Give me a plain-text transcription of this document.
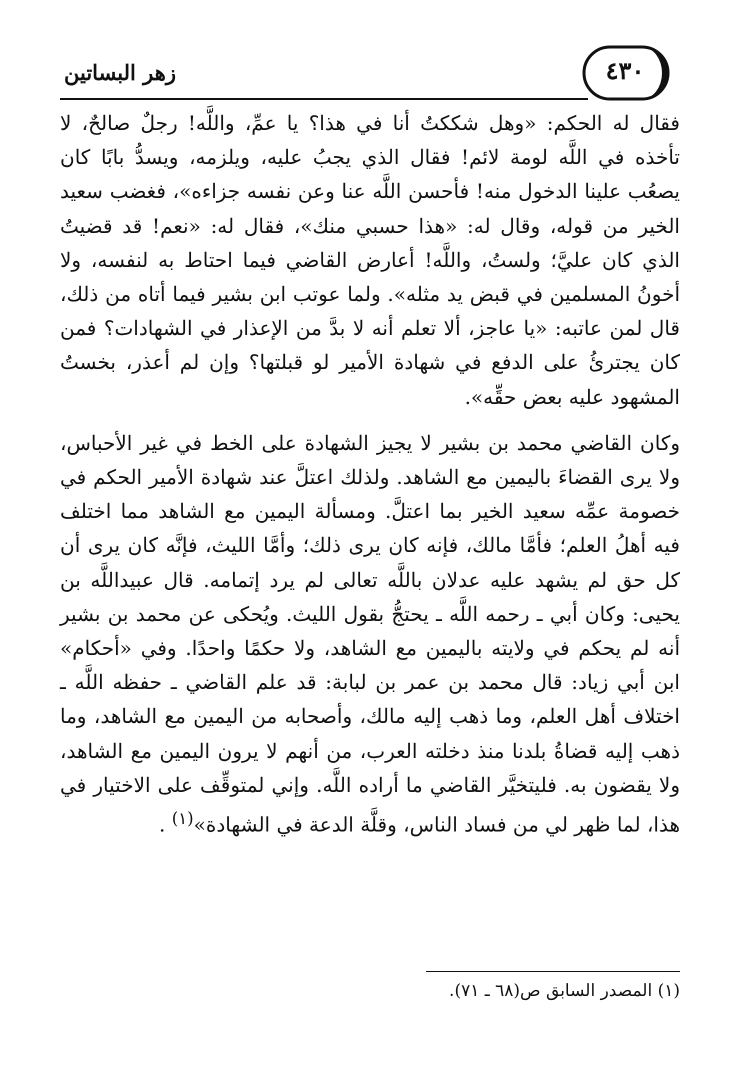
زهر البساتين	٤٣٠

فقال له الحكم: «وهل شككتُ أنا في هذا؟ يا عمِّ، واللَّه! رجلٌ صالحٌ، لا تأخذه في اللَّه لومة لائم! فقال الذي يجبُ عليه، ويلزمه، ويسدُّ بابًا كان يصعُب علينا الدخول منه! فأحسن اللَّه عنا وعن نفسه جزاءه»، فغضب سعيد الخير من قوله، وقال له: «هذا حسبي منك»، فقال له: «نعم! قد قضيتُ الذي كان عليَّ؛ ولستُ، واللَّه! أعارض القاضي فيما احتاط به لنفسه، ولا أخونُ المسلمين في قبض يد مثله». ولما عوتب ابن بشير فيما أتاه من ذلك، قال لمن عاتبه: «يا عاجز، ألا تعلم أنه لا بدَّ من الإعذار في الشهادات؟ فمن كان يجترئُ على الدفع في شهادة الأمير لو قبلتها؟ وإن لم أعذر، بخستُ المشهود عليه بعض حقِّه».

وكان القاضي محمد بن بشير لا يجيز الشهادة على الخط في غير الأحباس، ولا يرى القضاءَ باليمين مع الشاهد. ولذلك اعتلَّ عند شهادة الأمير الحكم في خصومة عمِّه سعيد الخير بما اعتلَّ. ومسألة اليمين مع الشاهد مما اختلف فيه أهلُ العلم؛ فأمَّا مالك، فإنه كان يرى ذلك؛ وأمَّا الليث، فإنَّه كان يرى أن كل حق لم يشهد عليه عدلان باللَّه تعالى لم يرد إتمامه. قال عبيداللَّه بن يحيى: وكان أبي ـ رحمه اللَّه ـ يحتجُّ بقول الليث. ويُحكى عن محمد بن بشير أنه لم يحكم في ولايته باليمين مع الشاهد، ولا حكمًا واحدًا. وفي «أحكام» ابن أبي زياد: قال محمد بن عمر بن لبابة: قد علم القاضي ـ حفظه اللَّه ـ اختلاف أهل العلم، وما ذهب إليه مالك، وأصحابه من اليمين مع الشاهد، وما ذهب إليه قضاةُ بلدنا منذ دخلته العرب، من أنهم لا يرون اليمين مع الشاهد، ولا يقضون به. فليتخيَّر القاضي ما أراده اللَّه. وإني لمتوقِّف على الاختيار في هذا، لما ظهر لي من فساد الناس، وقلَّة الدعة في الشهادة»$^{(١)}$ .

(١) المصدر السابق ص(٦٨ ـ ٧١).
